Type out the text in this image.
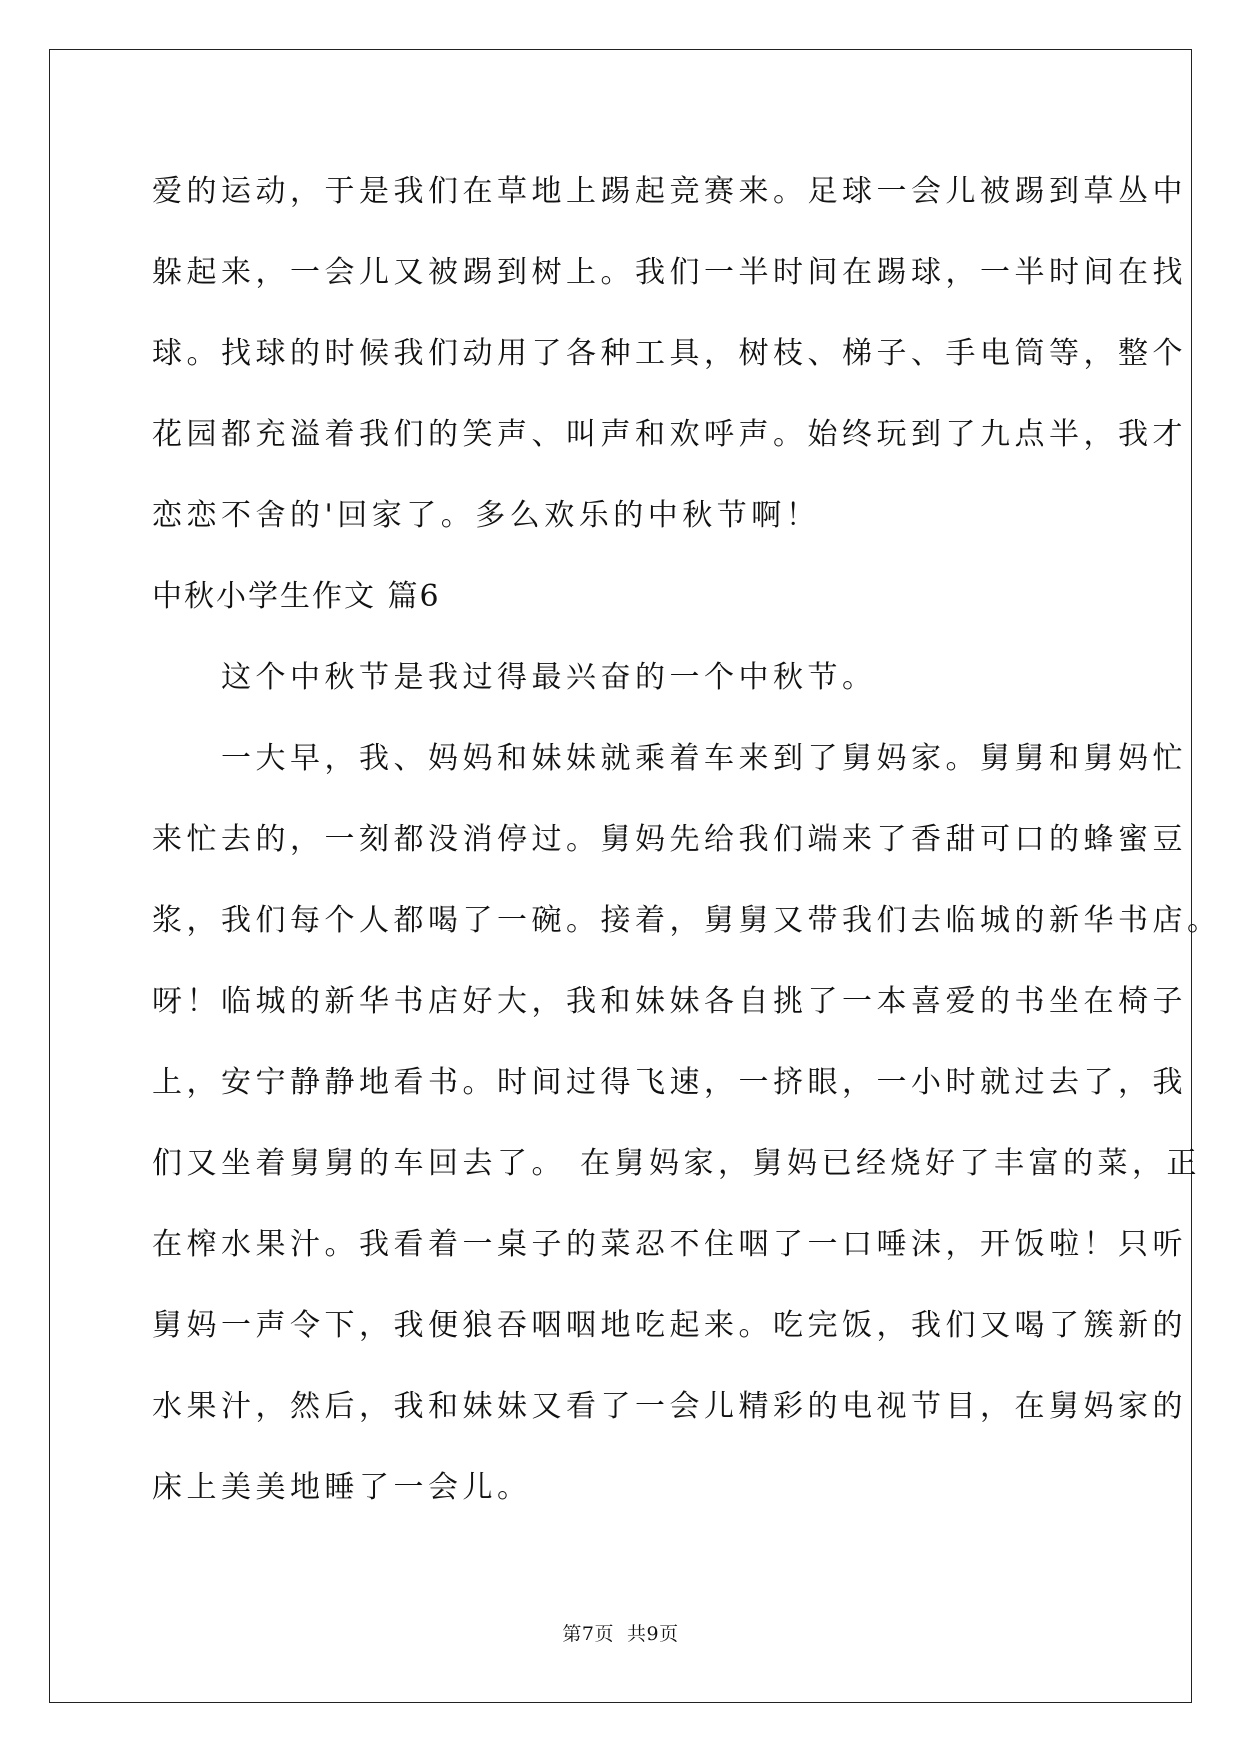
爱的运动，于是我们在草地上踢起竞赛来。足球一会儿被踢到草丛中
躲起来，一会儿又被踢到树上。我们一半时间在踢球，一半时间在找
球。找球的时候我们动用了各种工具，树枝、梯子、手电筒等，整个
花园都充溢着我们的笑声、叫声和欢呼声。始终玩到了九点半，我才
恋恋不舍的'回家了。多么欢乐的中秋节啊！
中秋小学生作文 篇6
　　这个中秋节是我过得最兴奋的一个中秋节。
　　一大早，我、妈妈和妹妹就乘着车来到了舅妈家。舅舅和舅妈忙
来忙去的，一刻都没消停过。舅妈先给我们端来了香甜可口的蜂蜜豆
浆，我们每个人都喝了一碗。接着，舅舅又带我们去临城的新华书店。
呀！临城的新华书店好大，我和妹妹各自挑了一本喜爱的书坐在椅子
上，安宁静静地看书。时间过得飞速，一挤眼，一小时就过去了，我
们又坐着舅舅的车回去了。 在舅妈家，舅妈已经烧好了丰富的菜，正
在榨水果汁。我看着一桌子的菜忍不住咽了一口唾沫，开饭啦！只听
舅妈一声令下，我便狼吞咽咽地吃起来。吃完饭，我们又喝了簇新的
水果汁，然后，我和妹妹又看了一会儿精彩的电视节目，在舅妈家的
床上美美地睡了一会儿。
第7页  共9页
